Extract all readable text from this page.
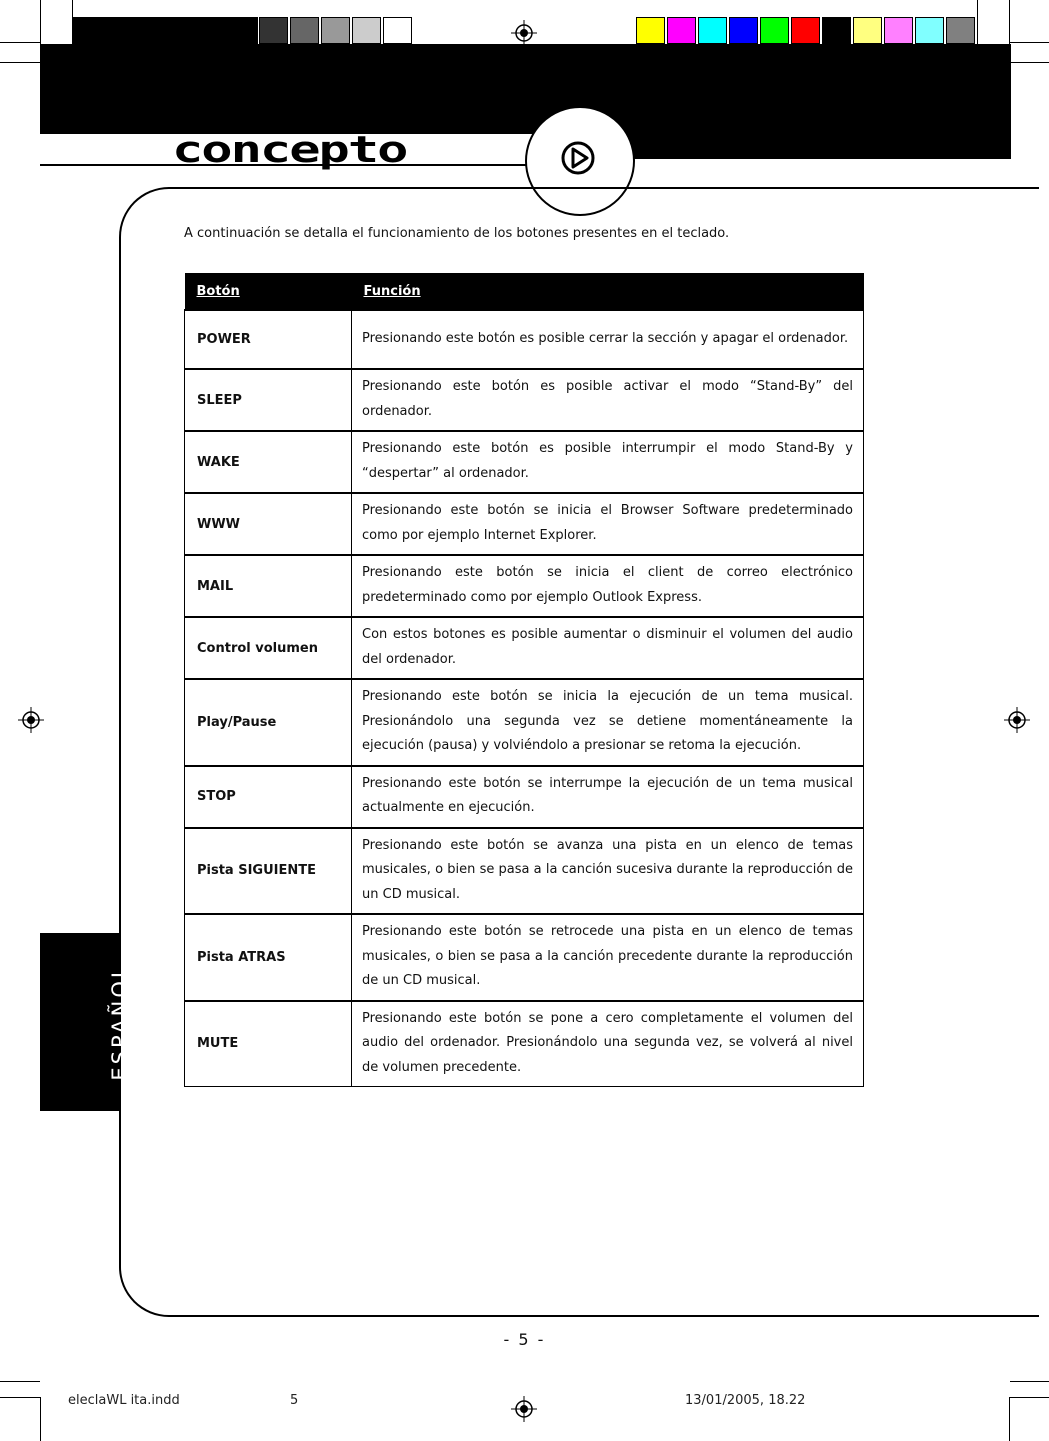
concepto
ESPAÑOL
A continuación se detalla el funcionamiento de los botones presentes en el teclado.
Botón	Función
POWER	Presionando este botón es posible cerrar la sección y apagar el ordenador.
SLEEP	Presionando este botón es posible activar el modo “Stand-By” del ordenador.
WAKE	Presionando este botón es posible interrumpir el modo Stand-By y “despertar” al ordenador.
WWW	Presionando este botón se inicia el Browser Software predeterminado como por ejemplo Internet Explorer.
MAIL	Presionando este botón se inicia el client de correo electrónico predeterminado como por ejemplo Outlook Express.
Control volumen	Con estos botones es posible aumentar o disminuir el volumen del audio del ordenador.
Play/Pause	Presionando este botón se inicia la ejecución de un tema musical. Presionándolo una segunda vez se detiene momentáneamente la ejecución (pausa) y volviéndolo a presionar se retoma la ejecución.
STOP	Presionando este botón se interrumpe la ejecución de un tema musical actualmente en ejecución.
Pista SIGUIENTE	Presionando este botón se avanza una pista en un elenco de temas musicales, o bien se pasa a la canción sucesiva durante la reproducción de un CD musical.
Pista ATRAS	Presionando este botón se retrocede una pista en un elenco de temas musicales, o bien se pasa a la canción precedente durante la reproducción de un CD musical.
MUTE	Presionando este botón se pone a cero completamente el volumen del audio del ordenador. Presionándolo una segunda vez, se volverá al nivel de volumen precedente.
- 5 -
eleclaWL ita.indd	5	13/01/2005, 18.22
